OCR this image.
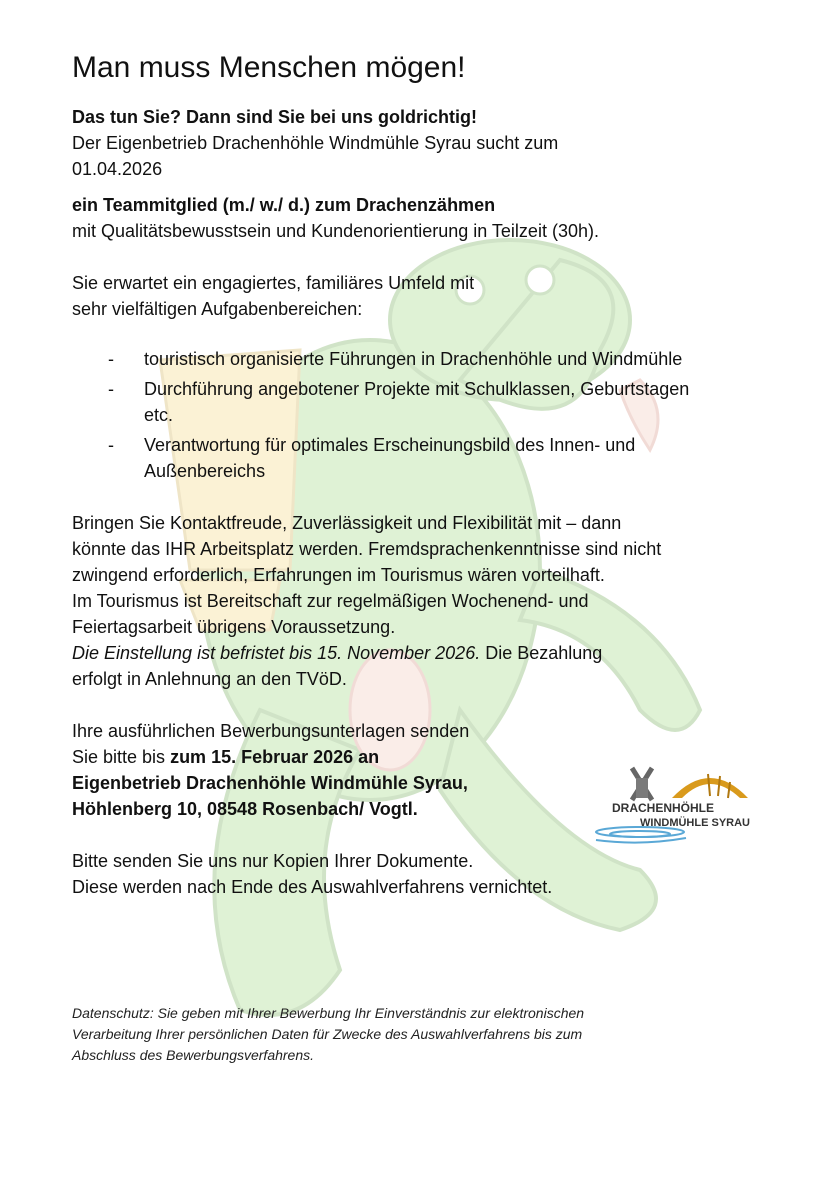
Man muss Menschen mögen!

Das tun Sie? Dann sind Sie bei uns goldrichtig!

Der Eigenbetrieb Drachenhöhle Windmühle Syrau sucht zum

01.04.2026

ein Teammitglied (m./ w./ d.) zum Drachenzähmen

mit Qualitätsbewusstsein und Kundenorientierung in Teilzeit (30h).

Sie erwartet ein engagiertes, familiäres Umfeld mit

sehr vielfältigen Aufgabenbereichen:

- touristisch organisierte Führungen in Drachenhöhle und Windmühle
- Durchführung angebotener Projekte mit Schulklassen, Geburtstagen etc.
- Verantwortung für optimales Erscheinungsbild des Innen- und Außenbereichs

Bringen Sie Kontaktfreude, Zuverlässigkeit und Flexibilität mit – dann

könnte das IHR Arbeitsplatz werden. Fremdsprachenkenntnisse sind nicht

zwingend erforderlich, Erfahrungen im Tourismus wären vorteilhaft.

Im Tourismus ist Bereitschaft zur regelmäßigen Wochenend- und

Feiertagsarbeit übrigens Voraussetzung.

Die Einstellung ist befristet bis 15. November 2026. Die Bezahlung

erfolgt in Anlehnung an den TVöD.

Ihre ausführlichen Bewerbungsunterlagen senden

Sie bitte bis zum 15. Februar 2026 an

Eigenbetrieb Drachenhöhle Windmühle Syrau,

Höhlenberg 10, 08548 Rosenbach/ Vogtl.

Bitte senden Sie uns nur Kopien Ihrer Dokumente.

Diese werden nach Ende des Auswahlverfahrens vernichtet.

DRACHENHÖHLE
WINDMÜHLE SYRAU

Datenschutz: Sie geben mit Ihrer Bewerbung Ihr Einverständnis zur elektronischen

Verarbeitung Ihrer persönlichen Daten für Zwecke des Auswahlverfahrens bis zum

Abschluss des Bewerbungsverfahrens.
